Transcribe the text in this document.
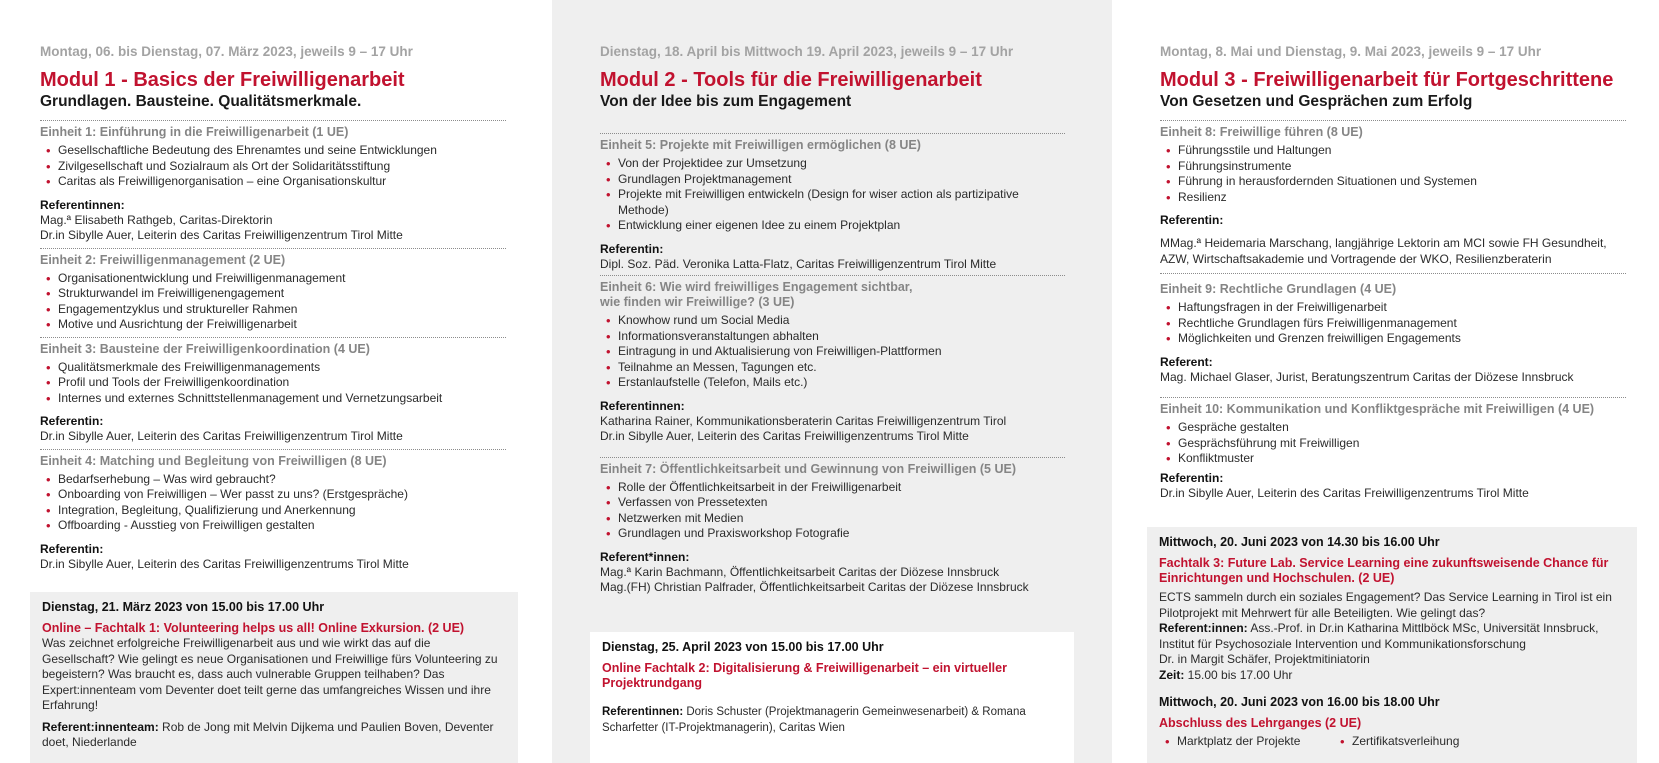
Montag, 06. bis Dienstag, 07. März 2023, jeweils 9 – 17 Uhr
Modul 1 - Basics der Freiwilligenarbeit
Grundlagen. Bausteine. Qualitätsmerkmale.
Einheit 1: Einführung in die Freiwilligenarbeit (1 UE)
• Gesellschaftliche Bedeutung des Ehrenamtes und seine Entwicklungen
• Zivilgesellschaft und Sozialraum als Ort der Solidaritätsstiftung
• Caritas als Freiwilligenorganisation – eine Organisationskultur
Referentinnen:
Mag.ª Elisabeth Rathgeb, Caritas-Direktorin
Dr.in Sibylle Auer, Leiterin des Caritas Freiwilligenzentrum Tirol Mitte
Einheit 2: Freiwilligenmanagement (2 UE)
• Organisationentwicklung und Freiwilligenmanagement
• Strukturwandel im Freiwilligenengagement
• Engagementzyklus und struktureller Rahmen
• Motive und Ausrichtung der Freiwilligenarbeit
Einheit 3: Bausteine der Freiwilligenkoordination (4 UE)
• Qualitätsmerkmale des Freiwilligenmanagements
• Profil und Tools der Freiwilligenkoordination
• Internes und externes Schnittstellenmanagement und Vernetzungsarbeit
Referentin:
Dr.in Sibylle Auer, Leiterin des Caritas Freiwilligenzentrum Tirol Mitte
Einheit 4: Matching und Begleitung von Freiwilligen (8 UE)
• Bedarfserhebung – Was wird gebraucht?
• Onboarding von Freiwilligen – Wer passt zu uns? (Erstgespräche)
• Integration, Begleitung, Qualifizierung und Anerkennung
• Offboarding - Ausstieg von Freiwilligen gestalten
Referentin:
Dr.in Sibylle Auer, Leiterin des Caritas Freiwilligenzentrums Tirol Mitte
Dienstag, 21. März 2023 von 15.00 bis 17.00 Uhr
Online – Fachtalk 1: Volunteering helps us all! Online Exkursion. (2 UE)
Was zeichnet erfolgreiche Freiwilligenarbeit aus und wie wirkt das auf die Gesellschaft? Wie gelingt es neue Organisationen und Freiwillige fürs Volunteering zu begeistern? Was braucht es, dass auch vulnerable Gruppen teilhaben? Das Expert:innenteam vom Deventer doet teilt gerne das umfangreiches Wissen und ihre Erfahrung!
Referent:innenteam: Rob de Jong mit Melvin Dijkema und Paulien Boven, Deventer doet, Niederlande
Dienstag, 18. April bis Mittwoch 19. April 2023, jeweils 9 – 17 Uhr
Modul 2 - Tools für die Freiwilligenarbeit
Von der Idee bis zum Engagement
Einheit 5: Projekte mit Freiwilligen ermöglichen (8 UE)
• Von der Projektidee zur Umsetzung
• Grundlagen Projektmanagement
• Projekte mit Freiwilligen entwickeln (Design for wiser action als partizipative Methode)
• Entwicklung einer eigenen Idee zu einem Projektplan
Referentin:
Dipl. Soz. Päd. Veronika Latta-Flatz, Caritas Freiwilligenzentrum Tirol Mitte
Einheit 6: Wie wird freiwilliges Engagement sichtbar, wie finden wir Freiwillige? (3 UE)
• Knowhow rund um Social Media
• Informationsveranstaltungen abhalten
• Eintragung in und Aktualisierung von Freiwilligen-Plattformen
• Teilnahme an Messen, Tagungen etc.
• Erstanlaufstelle (Telefon, Mails etc.)
Referentinnen:
Katharina Rainer, Kommunikationsberaterin Caritas Freiwilligenzentrum Tirol
Dr.in Sibylle Auer, Leiterin des Caritas Freiwilligenzentrums Tirol Mitte
Einheit 7: Öffentlichkeitsarbeit und Gewinnung von Freiwilligen (5 UE)
• Rolle der Öffentlichkeitsarbeit in der Freiwilligenarbeit
• Verfassen von Pressetexten
• Netzwerken mit Medien
• Grundlagen und Praxisworkshop Fotografie
Referent*innen:
Mag.ª Karin Bachmann, Öffentlichkeitsarbeit Caritas der Diözese Innsbruck
Mag.(FH) Christian Palfrader, Öffentlichkeitsarbeit Caritas der Diözese Innsbruck
Dienstag, 25. April 2023 von 15.00 bis 17.00 Uhr
Online Fachtalk 2: Digitalisierung & Freiwilligenarbeit – ein virtueller Projektrundgang
Referentinnen: Doris Schuster (Projektmanagerin Gemeinwesenarbeit) & Romana Scharfetter (IT-Projektmanagerin), Caritas Wien
Montag, 8. Mai und Dienstag, 9. Mai 2023, jeweils 9 – 17 Uhr
Modul 3 - Freiwilligenarbeit für Fortgeschrittene
Von Gesetzen und Gesprächen zum Erfolg
Einheit 8: Freiwillige führen (8 UE)
• Führungsstile und Haltungen
• Führungsinstrumente
• Führung in herausfordernden Situationen und Systemen
• Resilienz
Referentin:
MMag.ª Heidemaria Marschang, langjährige Lektorin am MCI sowie FH Gesundheit, AZW, Wirtschaftsakademie und Vortragende der WKO, Resilienzberaterin
Einheit 9: Rechtliche Grundlagen (4 UE)
• Haftungsfragen in der Freiwilligenarbeit
• Rechtliche Grundlagen fürs Freiwilligenmanagement
• Möglichkeiten und Grenzen freiwilligen Engagements
Referent:
Mag. Michael Glaser, Jurist, Beratungszentrum Caritas der Diözese Innsbruck
Einheit 10: Kommunikation und Konfliktgespräche mit Freiwilligen (4 UE)
• Gespräche gestalten
• Gesprächsführung mit Freiwilligen
• Konfliktmuster
Referentin:
Dr.in Sibylle Auer, Leiterin des Caritas Freiwilligenzentrums Tirol Mitte
Mittwoch, 20. Juni 2023 von 14.30 bis 16.00 Uhr
Fachtalk 3: Future Lab. Service Learning eine zukunftsweisende Chance für Einrichtungen und Hochschulen. (2 UE)
ECTS sammeln durch ein soziales Engagement? Das Service Learning in Tirol ist ein Pilotprojekt mit Mehrwert für alle Beteiligten. Wie gelingt das?
Referent:innen: Ass.-Prof. in Dr.in Katharina Mittlböck MSc, Universität Innsbruck, Institut für Psychosoziale Intervention und Kommunikationsforschung
Dr. in Margit Schäfer, Projektmitiniatorin
Zeit: 15.00 bis 17.00 Uhr
Mittwoch, 20. Juni 2023 von 16.00 bis 18.00 Uhr
Abschluss des Lehrganges (2 UE)
• Marktplatz der Projekte
•	Zertifikatsverleihung
